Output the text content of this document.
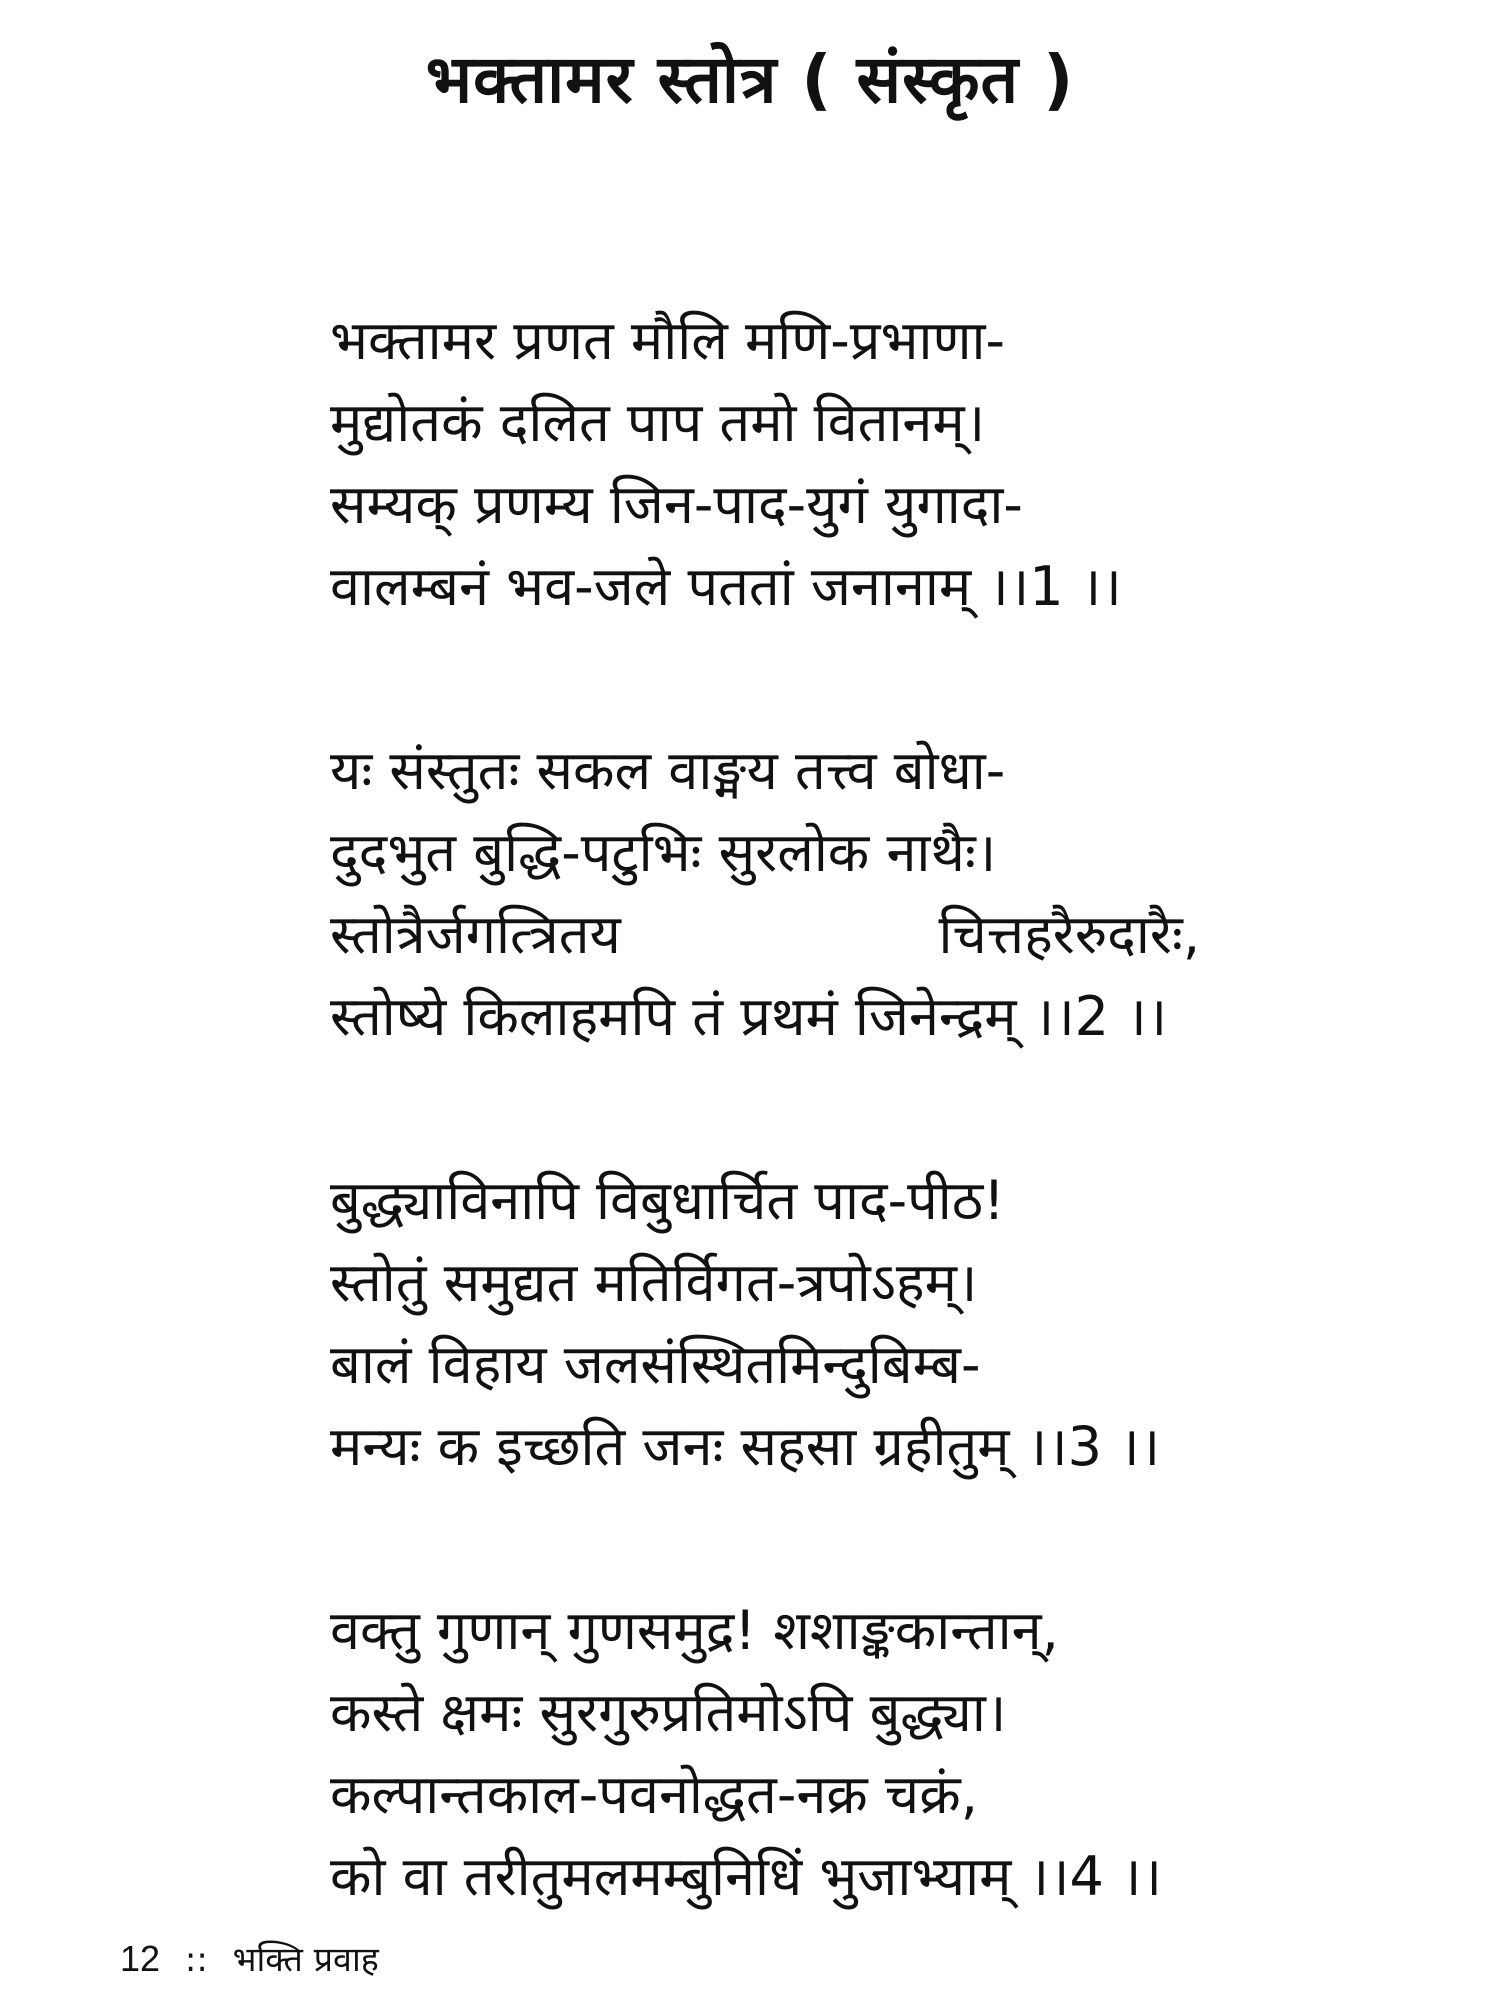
भक्तामर स्तोत्र ( संस्कृत )
भक्तामर प्रणत मौलि मणि-प्रभाणा-
मुद्योतकं दलित पाप तमो वितानम्।
सम्यक् प्रणम्य जिन-पाद-युगं युगादा-
वालम्बनं भव-जले पततां जनानाम् ।।1 ।।
यः संस्तुतः सकल वाङ्मय तत्त्व बोधा-
दुदभुत बुद्धि-पटुभिः सुरलोक नाथैः।
स्तोत्रैर्जगत्त्रितय	चित्तहरैरुदारैः,
स्तोष्ये किलाहमपि तं प्रथमं जिनेन्द्रम् ।।2 ।।
बुद्ध्याविनापि विबुधार्चित पाद-पीठ!
स्तोतुं समुद्यत मतिर्विगत-त्रपोऽहम्।
बालं विहाय जलसंस्थितमिन्दुबिम्ब-
मन्यः क इच्छति जनः सहसा ग्रहीतुम् ।।3 ।।
वक्तु गुणान् गुणसमुद्र! शशाङ्ककान्तान्,
कस्ते क्षमः सुरगुरुप्रतिमोऽपि बुद्ध्या।
कल्पान्तकाल-पवनोद्धत-नक्र चक्रं,
को वा तरीतुमलमम्बुनिधिं भुजाभ्याम् ।।4 ।।
12 :: भक्ति प्रवाह
